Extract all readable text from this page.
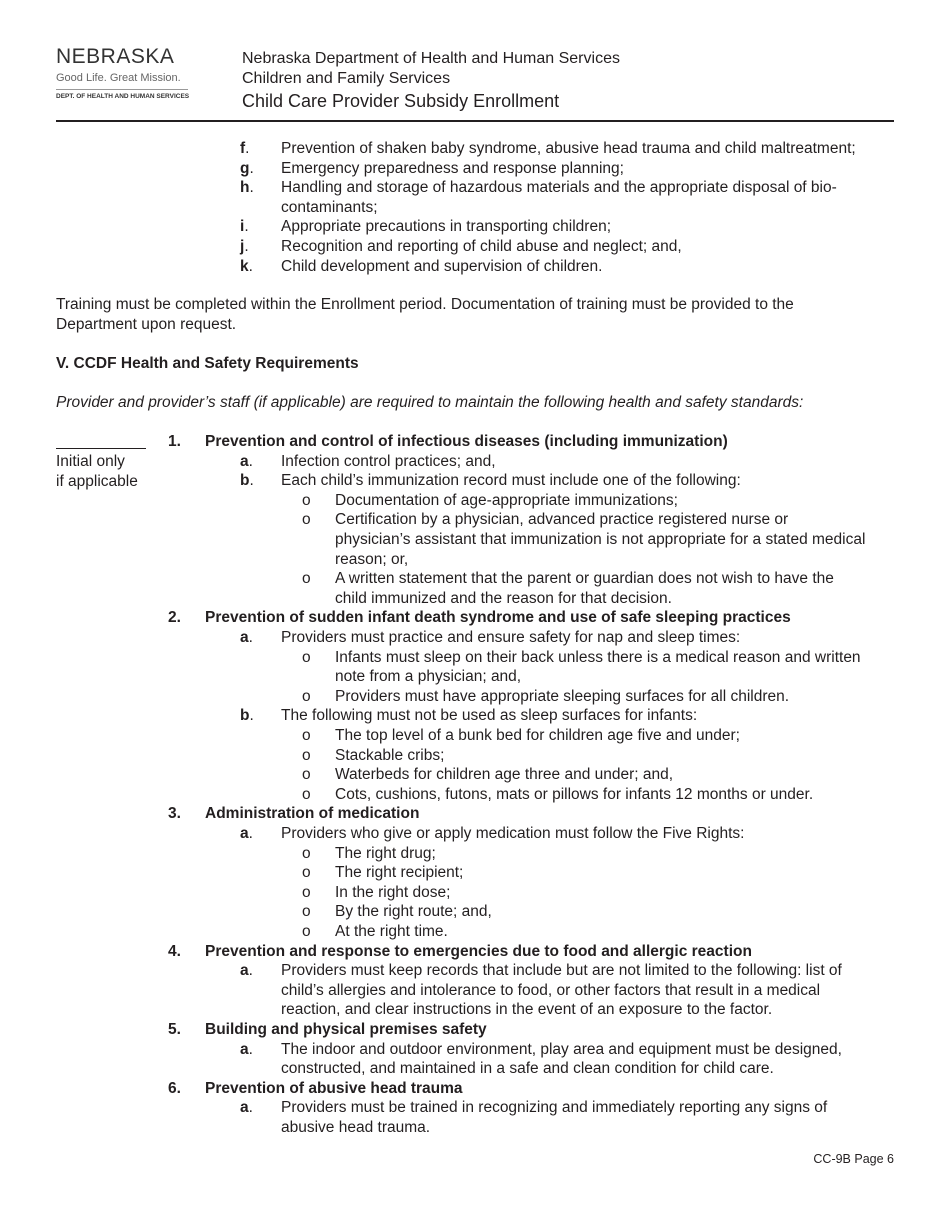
NEBRASKA
Good Life. Great Mission.
DEPT. OF HEALTH AND HUMAN SERVICES
Nebraska Department of Health and Human Services
Children and Family Services
Child Care Provider Subsidy Enrollment
f. Prevention of shaken baby syndrome, abusive head trauma and child maltreatment;
g. Emergency preparedness and response planning;
h. Handling and storage of hazardous materials and the appropriate disposal of bio-
contaminants;
i. Appropriate precautions in transporting children;
j. Recognition and reporting of child abuse and neglect; and,
k. Child development and supervision of children.
Training must be completed within the Enrollment period. Documentation of training must be provided to the
Department upon request.
V. CCDF Health and Safety Requirements
Provider and provider’s staff (if applicable) are required to maintain the following health and safety standards:
Initial only
if applicable
1. Prevention and control of infectious diseases (including immunization)
a. Infection control practices; and,
b. Each child’s immunization record must include one of the following:
o Documentation of age-appropriate immunizations;
o Certification by a physician, advanced practice registered nurse or
physician’s assistant that immunization is not appropriate for a stated medical
reason; or,
o A written statement that the parent or guardian does not wish to have the
child immunized and the reason for that decision.
2. Prevention of sudden infant death syndrome and use of safe sleeping practices
a. Providers must practice and ensure safety for nap and sleep times:
o Infants must sleep on their back unless there is a medical reason and written
note from a physician; and,
o Providers must have appropriate sleeping surfaces for all children.
b. The following must not be used as sleep surfaces for infants:
o The top level of a bunk bed for children age five and under;
o Stackable cribs;
o Waterbeds for children age three and under; and,
o Cots, cushions, futons, mats or pillows for infants 12 months or under.
3. Administration of medication
a. Providers who give or apply medication must follow the Five Rights:
o The right drug;
o The right recipient;
o In the right dose;
o By the right route; and,
o At the right time.
4. Prevention and response to emergencies due to food and allergic reaction
a. Providers must keep records that include but are not limited to the following: list of
child’s allergies and intolerance to food, or other factors that result in a medical
reaction, and clear instructions in the event of an exposure to the factor.
5. Building and physical premises safety
a. The indoor and outdoor environment, play area and equipment must be designed,
constructed, and maintained in a safe and clean condition for child care.
6. Prevention of abusive head trauma
a. Providers must be trained in recognizing and immediately reporting any signs of
abusive head trauma.
CC-9B Page 6
